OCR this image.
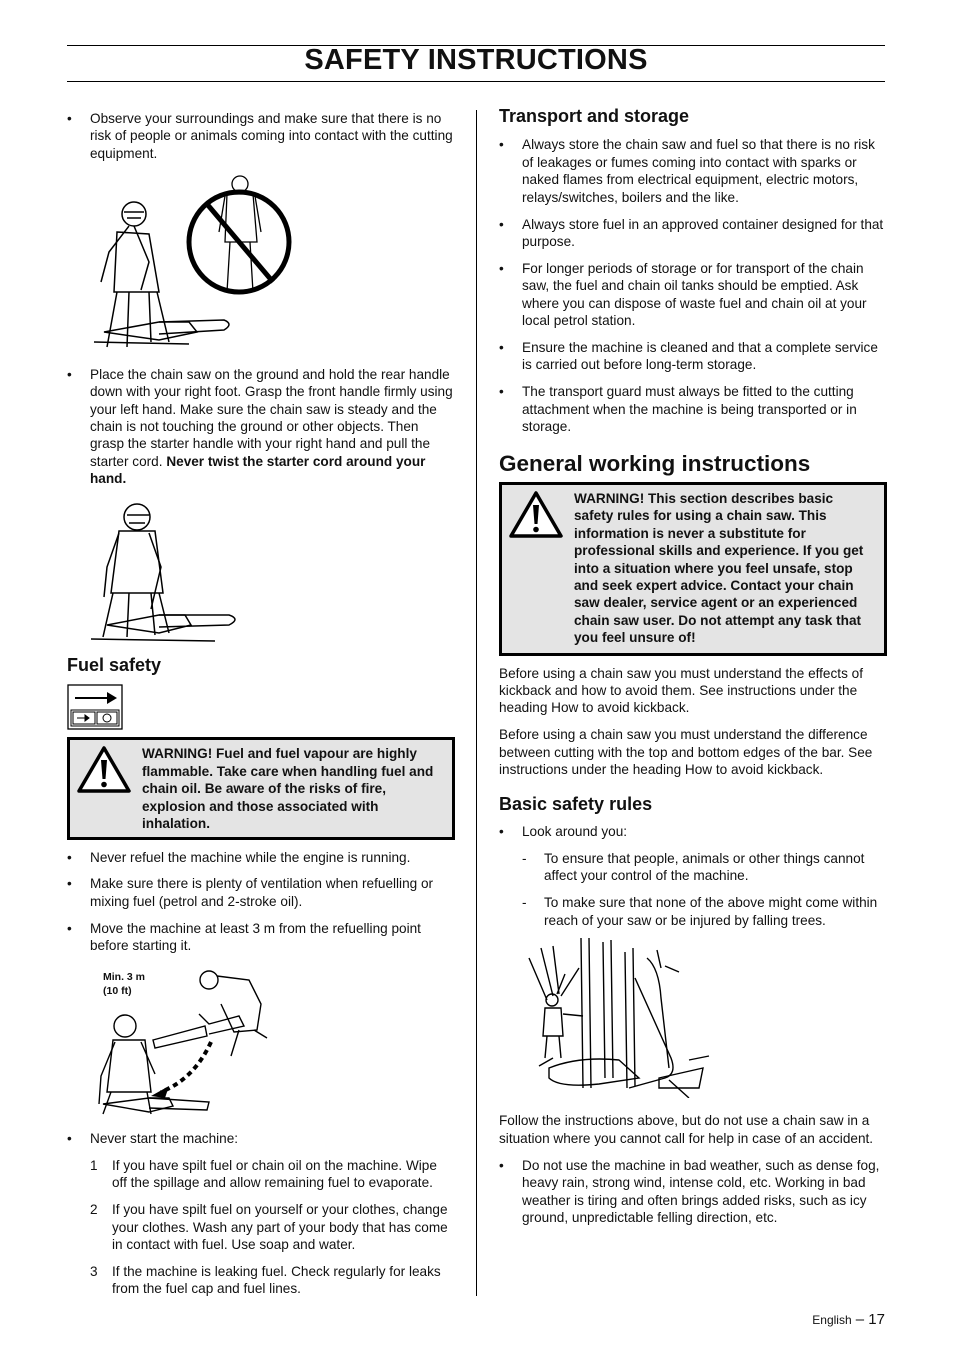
SAFETY INSTRUCTIONS
• Observe your surroundings and make sure that there is no risk of people or animals coming into contact with the cutting equipment.
• Place the chain saw on the ground and hold the rear handle down with your right foot. Grasp the front handle firmly using your left hand. Make sure the chain saw is steady and the chain is not touching the ground or other objects. Then grasp the starter handle with your right hand and pull the starter cord. Never twist the starter cord around your hand.
Fuel safety
WARNING! Fuel and fuel vapour are highly flammable. Take care when handling fuel and chain oil. Be aware of the risks of fire, explosion and those associated with inhalation.
• Never refuel the machine while the engine is running.
• Make sure there is plenty of ventilation when refuelling or mixing fuel (petrol and 2-stroke oil).
• Move the machine at least 3 m from the refuelling point before starting it.
Min. 3 m
(10 ft)
• Never start the machine:
1 If you have spilt fuel or chain oil on the machine. Wipe off the spillage and allow remaining fuel to evaporate.
2 If you have spilt fuel on yourself or your clothes, change your clothes. Wash any part of your body that has come in contact with fuel. Use soap and water.
3 If the machine is leaking fuel. Check regularly for leaks from the fuel cap and fuel lines.
Transport and storage
• Always store the chain saw and fuel so that there is no risk of leakages or fumes coming into contact with sparks or naked flames from electrical equipment, electric motors, relays/switches, boilers and the like.
• Always store fuel in an approved container designed for that purpose.
• For longer periods of storage or for transport of the chain saw, the fuel and chain oil tanks should be emptied. Ask where you can dispose of waste fuel and chain oil at your local petrol station.
• Ensure the machine is cleaned and that a complete service is carried out before long-term storage.
• The transport guard must always be fitted to the cutting attachment when the machine is being transported or in storage.
General working instructions
WARNING! This section describes basic safety rules for using a chain saw. This information is never a substitute for professional skills and experience. If you get into a situation where you feel unsafe, stop and seek expert advice. Contact your chain saw dealer, service agent or an experienced chain saw user. Do not attempt any task that you feel unsure of!
Before using a chain saw you must understand the effects of kickback and how to avoid them. See instructions under the heading How to avoid kickback.
Before using a chain saw you must understand the difference between cutting with the top and bottom edges of the bar. See instructions under the heading How to avoid kickback.
Basic safety rules
• Look around you:
- To ensure that people, animals or other things cannot affect your control of the machine.
- To make sure that none of the above might come within reach of your saw or be injured by falling trees.
Follow the instructions above, but do not use a chain saw in a situation where you cannot call for help in case of an accident.
• Do not use the machine in bad weather, such as dense fog, heavy rain, strong wind, intense cold, etc. Working in bad weather is tiring and often brings added risks, such as icy ground, unpredictable felling direction, etc.
English – 17
